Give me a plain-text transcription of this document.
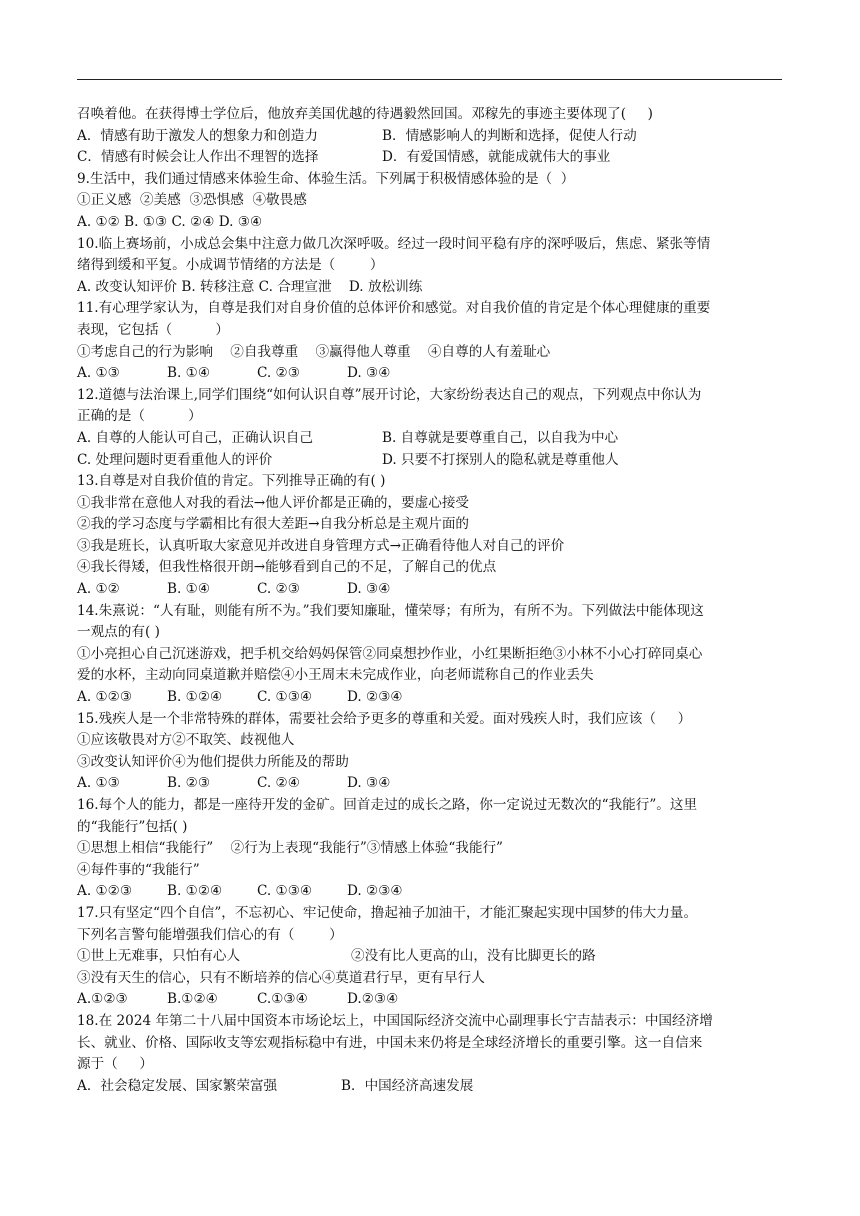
召唤着他。在获得博士学位后，他放弃美国优越的待遇毅然回国。邓稼先的事迹主要体现了(     )
A．情感有助于激发人的想象力和创造力	B．情感影响人的判断和选择，促使人行动
C．情感有时候会让人作出不理智的选择	D．有爱国情感，就能成就伟大的事业
9.生活中，我们通过情感来体验生命、体验生活。下列属于积极情感体验的是（  ）
①正义感  ②美感  ③恐惧感  ④敬畏感
A. ①② B. ①③ C. ②④ D. ③④
10.临上赛场前，小成总会集中注意力做几次深呼吸。经过一段时间平稳有序的深呼吸后，焦虑、紧张等情
绪得到缓和平复。小成调节情绪的方法是（        ）
A. 改变认知评价 B. 转移注意 C. 合理宣泄    D. 放松训练
11.有心理学家认为，自尊是我们对自身价值的总体评价和感觉。对自我价值的肯定是个体心理健康的重要
表现，它包括（          ）
①考虑自己的行为影响    ②自我尊重    ③赢得他人尊重    ④自尊的人有羞耻心
A. ①③	B. ①④	C. ②③	D. ③④
12.道德与法治课上,同学们围绕“如何认识自尊”展开讨论，大家纷纷表达自己的观点，下列观点中你认为
正确的是（          ）
A. 自尊的人能认可自己，正确认识自己	B. 自尊就是要尊重自己，以自我为中心
C. 处理问题时更看重他人的评价	D. 只要不打探别人的隐私就是尊重他人
13.自尊是对自我价值的肯定。下列推导正确的有( )
①我非常在意他人对我的看法→他人评价都是正确的，要虚心接受
②我的学习态度与学霸相比有很大差距→自我分析总是主观片面的
③我是班长，认真听取大家意见并改进自身管理方式→正确看待他人对自己的评价
④我长得矮，但我性格很开朗→能够看到自己的不足，了解自己的优点
A. ①②	B. ①④	C. ②③	D. ③④
14.朱熹说：“人有耻，则能有所不为。”我们要知廉耻，懂荣辱；有所为，有所不为。下列做法中能体现这
一观点的有( )
①小亮担心自己沉迷游戏，把手机交给妈妈保管②同桌想抄作业，小红果断拒绝③小林不小心打碎同桌心
爱的水杯，主动向同桌道歉并赔偿④小王周末未完成作业，向老师谎称自己的作业丢失
A. ①②③	B. ①②④	C. ①③④	D. ②③④
15.残疾人是一个非常特殊的群体，需要社会给予更多的尊重和关爱。面对残疾人时，我们应该（     ）
①应该敬畏对方②不取笑、歧视他人
③改变认知评价④为他们提供力所能及的帮助
A. ①③	B. ②③	C. ②④	D. ③④
16.每个人的能力，都是一座待开发的金矿。回首走过的成长之路，你一定说过无数次的“我能行”。这里
的“我能行”包括( )
①思想上相信“我能行”    ②行为上表现“我能行”③情感上体验“我能行”
④每件事的“我能行”
A. ①②③	B. ①②④	C. ①③④	D. ②③④
17.只有坚定“四个自信”，不忘初心、牢记使命，撸起袖子加油干，才能汇聚起实现中国梦的伟大力量。
下列名言警句能增强我们信心的有（        ）
①世上无难事，只怕有心人	②没有比人更高的山，没有比脚更长的路
③没有天生的信心，只有不断培养的信心④莫道君行早，更有早行人
A.①②③	B.①②④	C.①③④	D.②③④
18.在 2024 年第二十八届中国资本市场论坛上，中国国际经济交流中心副理事长宁吉喆表示：中国经济增
长、就业、价格、国际收支等宏观指标稳中有进，中国未来仍将是全球经济增长的重要引擎。这一自信来
源于（     ）
A．社会稳定发展、国家繁荣富强	B．中国经济高速发展
